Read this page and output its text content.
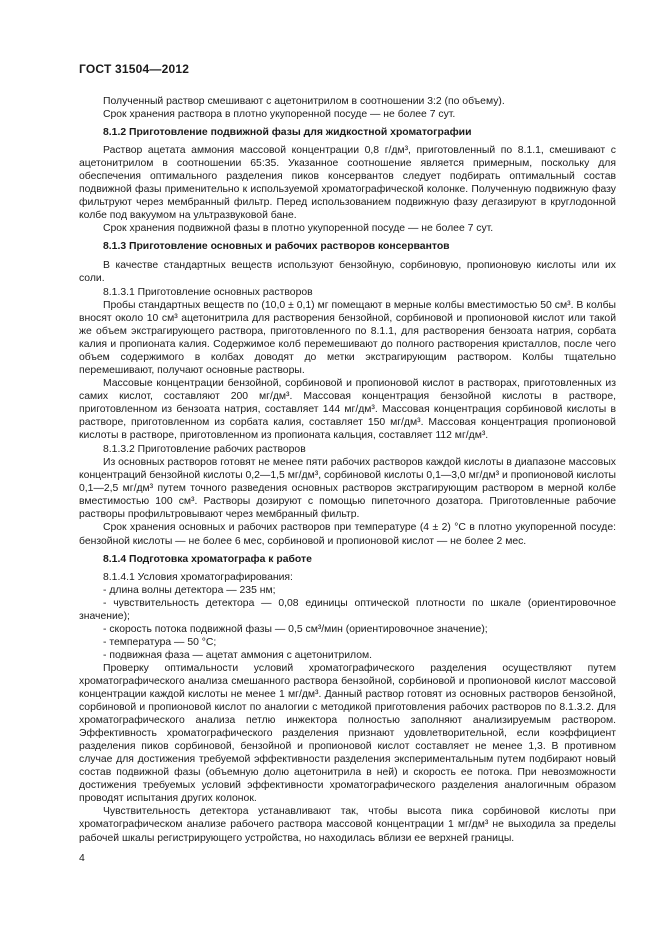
ГОСТ 31504—2012

Полученный раствор смешивают с ацетонитрилом в соотношении 3:2 (по объему).

Срок хранения раствора в плотно укупоренной посуде — не более 7 сут.

8.1.2 Приготовление подвижной фазы для жидкостной хроматографии

Раствор ацетата аммония массовой концентрации 0,8 г/дм³, приготовленный по 8.1.1, смешивают с ацетонитрилом в соотношении 65:35. Указанное соотношение является примерным, поскольку для обеспечения оптимального разделения пиков консервантов следует подбирать оптимальный состав подвижной фазы применительно к используемой хроматографической колонке. Полученную подвижную фазу фильтруют через мембранный фильтр. Перед использованием подвижную фазу дегазируют в круглодонной колбе под вакуумом на ультразвуковой бане.

Срок хранения подвижной фазы в плотно укупоренной посуде — не более 7 сут.

8.1.3 Приготовление основных и рабочих растворов консервантов

В качестве стандартных веществ используют бензойную, сорбиновую, пропионовую кислоты или их соли.

8.1.3.1 Приготовление основных растворов

Пробы стандартных веществ по (10,0 ± 0,1) мг помещают в мерные колбы вместимостью 50 см³. В колбы вносят около 10 см³ ацетонитрила для растворения бензойной, сорбиновой и пропионовой кислот или такой же объем экстрагирующего раствора, приготовленного по 8.1.1, для растворения бензоата натрия, сорбата калия и пропионата калия. Содержимое колб перемешивают до полного растворения кристаллов, после чего объем содержимого в колбах доводят до метки экстрагирующим раствором. Колбы тщательно перемешивают, получают основные растворы.

Массовые концентрации бензойной, сорбиновой и пропионовой кислот в растворах, приготовленных из самих кислот, составляют 200 мг/дм³. Массовая концентрация бензойной кислоты в растворе, приготовленном из бензоата натрия, составляет 144 мг/дм³. Массовая концентрация сорбиновой кислоты в растворе, приготовленном из сорбата калия, составляет 150 мг/дм³. Массовая концентрация пропионовой кислоты в растворе, приготовленном из пропионата кальция, составляет 112 мг/дм³.

8.1.3.2 Приготовление рабочих растворов

Из основных растворов готовят не менее пяти рабочих растворов каждой кислоты в диапазоне массовых концентраций бензойной кислоты 0,2—1,5 мг/дм³, сорбиновой кислоты 0,1—3,0 мг/дм³ и пропионовой кислоты 0,1—2,5 мг/дм³ путем точного разведения основных растворов экстрагирующим раствором в мерной колбе вместимостью 100 см³. Растворы дозируют с помощью пипеточного дозатора. Приготовленные рабочие растворы профильтровывают через мембранный фильтр.

Срок хранения основных и рабочих растворов при температуре (4 ± 2) °С в плотно укупоренной посуде: бензойной кислоты — не более 6 мес, сорбиновой и пропионовой кислот — не более 2 мес.

8.1.4 Подготовка хроматографа к работе

8.1.4.1 Условия хроматографирования:

- длина волны детектора — 235 нм;

- чувствительность детектора — 0,08 единицы оптической плотности по шкале (ориентировочное значение);

- скорость потока подвижной фазы — 0,5 см³/мин (ориентировочное значение);

- температура — 50 °С;

- подвижная фаза — ацетат аммония с ацетонитрилом.

Проверку оптимальности условий хроматографического разделения осуществляют путем хроматографического анализа смешанного раствора бензойной, сорбиновой и пропионовой кислот массовой концентрации каждой кислоты не менее 1 мг/дм³. Данный раствор готовят из основных растворов бензойной, сорбиновой и пропионовой кислот по аналогии с методикой приготовления рабочих растворов по 8.1.3.2. Для хроматографического анализа петлю инжектора полностью заполняют анализируемым раствором. Эффективность хроматографического разделения признают удовлетворительной, если коэффициент разделения пиков сорбиновой, бензойной и пропионовой кислот составляет не менее 1,3. В противном случае для достижения требуемой эффективности разделения экспериментальным путем подбирают новый состав подвижной фазы (объемную долю ацетонитрила в ней) и скорость ее потока. При невозможности достижения требуемых условий эффективности хроматографического разделения аналогичным образом проводят испытания других колонок.

Чувствительность детектора устанавливают так, чтобы высота пика сорбиновой кислоты при хроматографическом анализе рабочего раствора массовой концентрации 1 мг/дм³ не выходила за пределы рабочей шкалы регистрирующего устройства, но находилась вблизи ее верхней границы.

4
